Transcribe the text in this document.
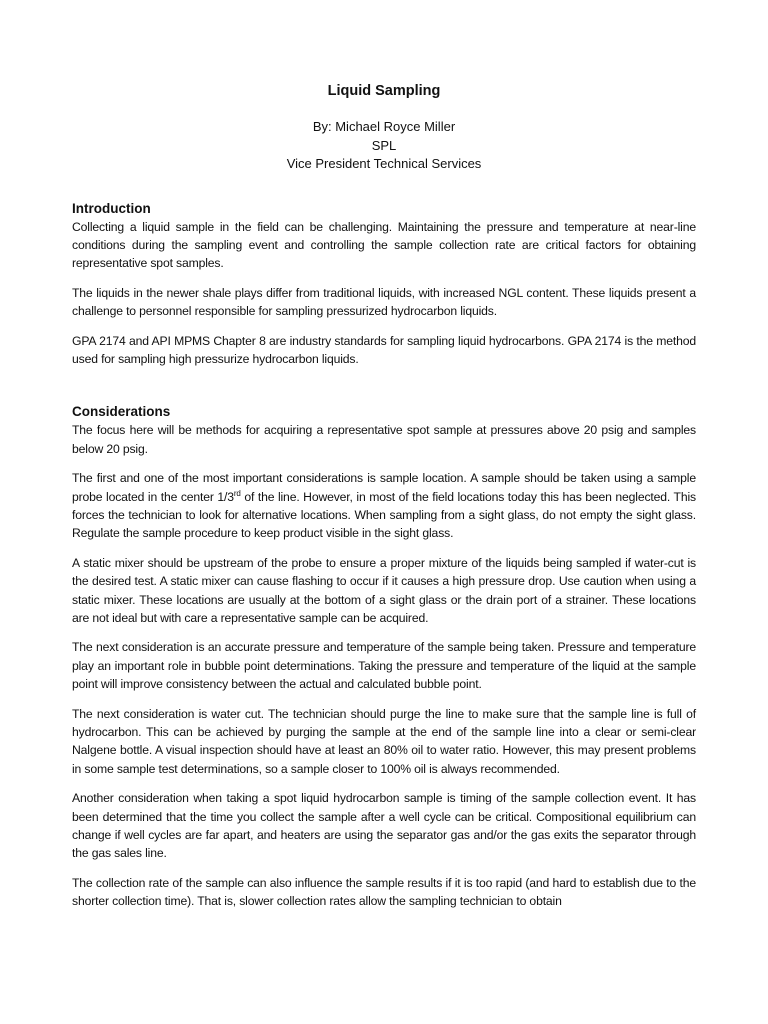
Liquid Sampling
By: Michael Royce Miller
SPL
Vice President Technical Services
Introduction

Collecting a liquid sample in the field can be challenging. Maintaining the pressure and temperature at near-line conditions during the sampling event and controlling the sample collection rate are critical factors for obtaining representative spot samples.

The liquids in the newer shale plays differ from traditional liquids, with increased NGL content. These liquids present a challenge to personnel responsible for sampling pressurized hydrocarbon liquids.

GPA 2174 and API MPMS Chapter 8 are industry standards for sampling liquid hydrocarbons. GPA 2174 is the method used for sampling high pressurize hydrocarbon liquids.

Considerations

The focus here will be methods for acquiring a representative spot sample at pressures above 20 psig and samples below 20 psig.

The first and one of the most important considerations is sample location. A sample should be taken using a sample probe located in the center 1/3rd of the line. However, in most of the field locations today this has been neglected. This forces the technician to look for alternative locations. When sampling from a sight glass, do not empty the sight glass. Regulate the sample procedure to keep product visible in the sight glass.

A static mixer should be upstream of the probe to ensure a proper mixture of the liquids being sampled if water-cut is the desired test. A static mixer can cause flashing to occur if it causes a high pressure drop. Use caution when using a static mixer. These locations are usually at the bottom of a sight glass or the drain port of a strainer. These locations are not ideal but with care a representative sample can be acquired.

The next consideration is an accurate pressure and temperature of the sample being taken. Pressure and temperature play an important role in bubble point determinations. Taking the pressure and temperature of the liquid at the sample point will improve consistency between the actual and calculated bubble point.

The next consideration is water cut. The technician should purge the line to make sure that the sample line is full of hydrocarbon. This can be achieved by purging the sample at the end of the sample line into a clear or semi-clear Nalgene bottle. A visual inspection should have at least an 80% oil to water ratio. However, this may present problems in some sample test determinations, so a sample closer to 100% oil is always recommended.

Another consideration when taking a spot liquid hydrocarbon sample is timing of the sample collection event. It has been determined that the time you collect the sample after a well cycle can be critical. Compositional equilibrium can change if well cycles are far apart, and heaters are using the separator gas and/or the gas exits the separator through the gas sales line.

The collection rate of the sample can also influence the sample results if it is too rapid (and hard to establish due to the shorter collection time). That is, slower collection rates allow the sampling technician to obtain
